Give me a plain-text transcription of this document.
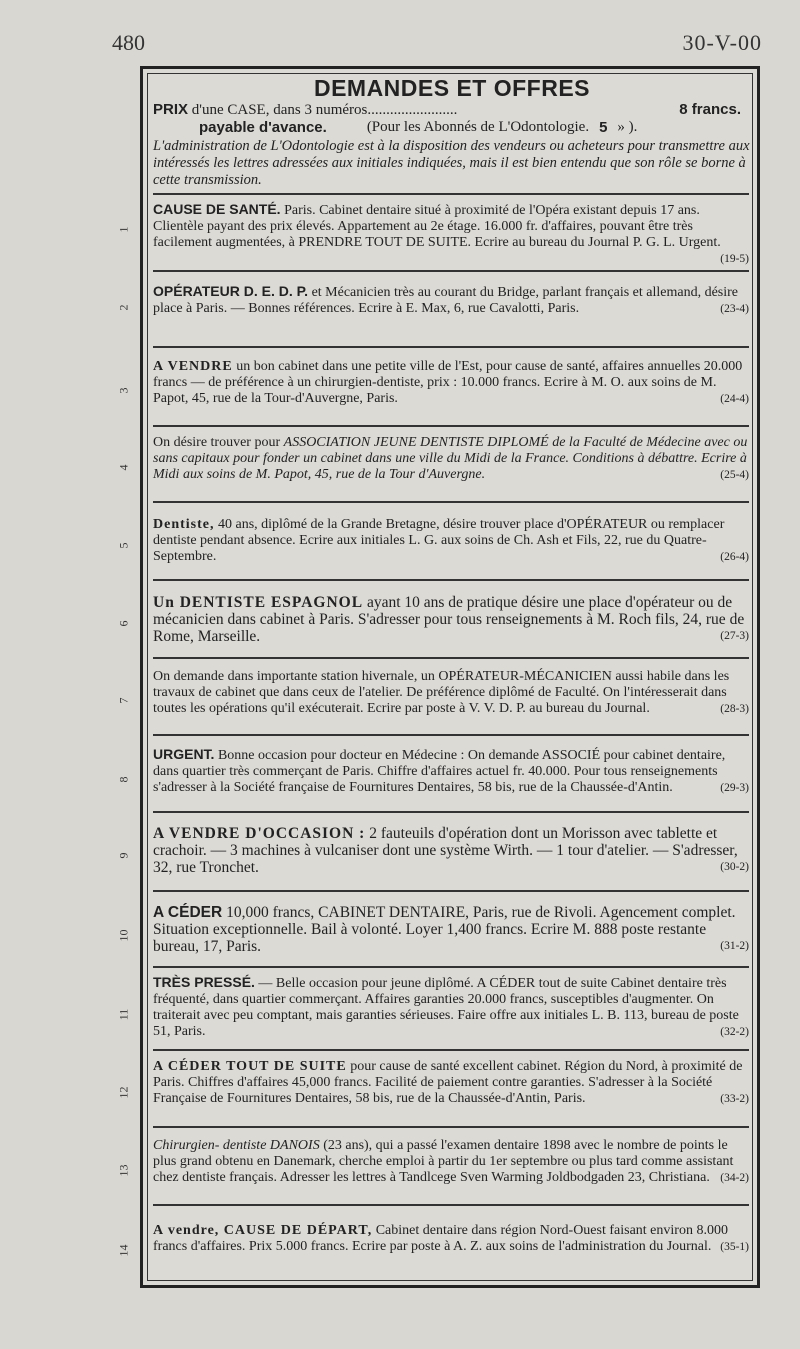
480	30-V-00
1
2
3
4
5
6
7
8
9
10
11
12
13
14
DEMANDES ET OFFRES
PRIX d'une CASE, dans 3 numéros........................	8 francs.
payable d'avance.	(Pour les Abonnés de L'Odontologie. 5 » ).
L'administration de L'Odontologie est à la disposition des vendeurs ou acheteurs pour transmettre aux intéressés les lettres adressées aux initiales indiquées, mais il est bien entendu que son rôle se borne à cette transmission.
CAUSE DE SANTÉ. Paris. Cabinet dentaire situé à proximité de l'Opéra existant depuis 17 ans. Clientèle payant des prix élevés. Appartement au 2e étage. 16.000 fr. d'affaires, pouvant être très facilement augmentées, à PRENDRE TOUT DE SUITE. Ecrire au bureau du Journal P. G. L. Urgent.
(19-5)
OPÉRATEUR D. E. D. P. et Mécanicien très au courant du Bridge, parlant français et allemand, désire place à Paris. — Bonnes références. Ecrire à E. Max, 6, rue Cavalotti, Paris.	(23-4)
A VENDRE un bon cabinet dans une petite ville de l'Est, pour cause de santé, affaires annuelles 20.000 francs — de préférence à un chirurgien-dentiste, prix : 10.000 francs. Ecrire à M. O. aux soins de M. Papot, 45, rue de la Tour-d'Auvergne, Paris.	(24-4)
On désire trouver pour ASSOCIATION JEUNE DENTISTE DIPLOMÉ de la Faculté de Médecine avec ou sans capitaux pour fonder un cabinet dans une ville du Midi de la France. Conditions à débattre. Ecrire à Midi aux soins de M. Papot, 45, rue de la Tour d'Auvergne.	(25-4)
Dentiste, 40 ans, diplômé de la Grande Bretagne, désire trouver place d'OPÉRATEUR ou remplacer dentiste pendant absence. Ecrire aux initiales L. G. aux soins de Ch. Ash et Fils, 22, rue du Quatre-Septembre.	(26-4)
Un DENTISTE ESPAGNOL ayant 10 ans de pratique désire une place d'opérateur ou de mécanicien dans cabinet à Paris. S'adresser pour tous renseignements à M. Roch fils, 24, rue de Rome, Marseille.	(27-3)
On demande dans importante station hivernale, un OPÉRATEUR-MÉCANICIEN aussi habile dans les travaux de cabinet que dans ceux de l'atelier. De préférence diplômé de Faculté. On l'intéresserait dans toutes les opérations qu'il exécuterait. Ecrire par poste à V. V. D. P. au bureau du Journal.	(28-3)
URGENT. Bonne occasion pour docteur en Médecine : On demande ASSOCIÉ pour cabinet dentaire, dans quartier très commerçant de Paris. Chiffre d'affaires actuel fr. 40.000. Pour tous renseignements s'adresser à la Société française de Fournitures Dentaires, 58 bis, rue de la Chaussée-d'Antin.	(29-3)
A VENDRE D'OCCASION : 2 fauteuils d'opération dont un Morisson avec tablette et crachoir. — 3 machines à vulcaniser dont une système Wirth. — 1 tour d'atelier. — S'adresser, 32, rue Tronchet.	(30-2)
A CÉDER 10,000 francs, CABINET DENTAIRE, Paris, rue de Rivoli. Agencement complet. Situation exceptionnelle. Bail à volonté. Loyer 1,400 francs. Ecrire M. 888 poste restante bureau, 17, Paris.	(31-2)
TRÈS PRESSÉ. — Belle occasion pour jeune diplômé. A CÉDER tout de suite Cabinet dentaire très fréquenté, dans quartier commerçant. Affaires garanties 20.000 francs, susceptibles d'augmenter. On traiterait avec peu comptant, mais garanties sérieuses. Faire offre aux initiales L. B. 113, bureau de poste 51, Paris.	(32-2)
A CÉDER TOUT DE SUITE pour cause de santé excellent cabinet. Région du Nord, à proximité de Paris. Chiffres d'affaires 45,000 francs. Facilité de paiement contre garanties. S'adresser à la Société Française de Fournitures Dentaires, 58 bis, rue de la Chaussée-d'Antin, Paris.	(33-2)
Chirurgien- dentiste DANOIS (23 ans), qui a passé l'examen dentaire 1898 avec le nombre de points le plus grand obtenu en Danemark, cherche emploi à partir du 1er septembre ou plus tard comme assistant chez dentiste français. Adresser les lettres à Tandlcege Sven Warming Joldbodgaden 23, Christiana. (34-2)
A vendre, CAUSE DE DÉPART, Cabinet dentaire dans région Nord-Ouest faisant environ 8.000 francs d'affaires. Prix 5.000 francs. Ecrire par poste à A. Z. aux soins de l'administration du Journal. (35-1)
